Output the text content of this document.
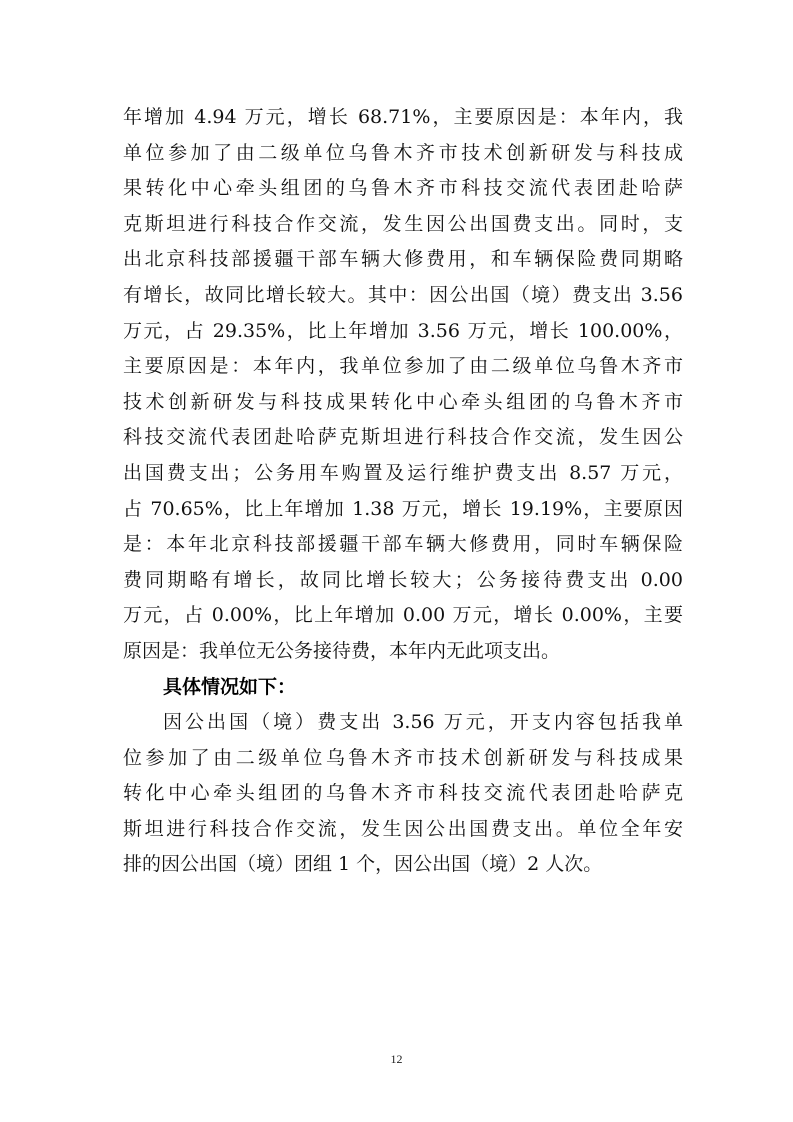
年增加 4.94 万元，增长 68.71%，主要原因是：本年内，我
单位参加了由二级单位乌鲁木齐市技术创新研发与科技成
果转化中心牵头组团的乌鲁木齐市科技交流代表团赴哈萨
克斯坦进行科技合作交流，发生因公出国费支出。同时，支
出北京科技部援疆干部车辆大修费用，和车辆保险费同期略
有增长，故同比增长较大。其中：因公出国（境）费支出 3.56
万元，占 29.35%，比上年增加 3.56 万元，增长 100.00%，
主要原因是：本年内，我单位参加了由二级单位乌鲁木齐市
技术创新研发与科技成果转化中心牵头组团的乌鲁木齐市
科技交流代表团赴哈萨克斯坦进行科技合作交流，发生因公
出国费支出；公务用车购置及运行维护费支出 8.57 万元，
占 70.65%，比上年增加 1.38 万元，增长 19.19%，主要原因
是：本年北京科技部援疆干部车辆大修费用，同时车辆保险
费同期略有增长，故同比增长较大；公务接待费支出 0.00
万元，占 0.00%，比上年增加 0.00 万元，增长 0.00%，主要
原因是：我单位无公务接待费，本年内无此项支出。
具体情况如下：
因公出国（境）费支出 3.56 万元，开支内容包括我单
位参加了由二级单位乌鲁木齐市技术创新研发与科技成果
转化中心牵头组团的乌鲁木齐市科技交流代表团赴哈萨克
斯坦进行科技合作交流，发生因公出国费支出。单位全年安
排的因公出国（境）团组 1 个，因公出国（境）2 人次。
12
